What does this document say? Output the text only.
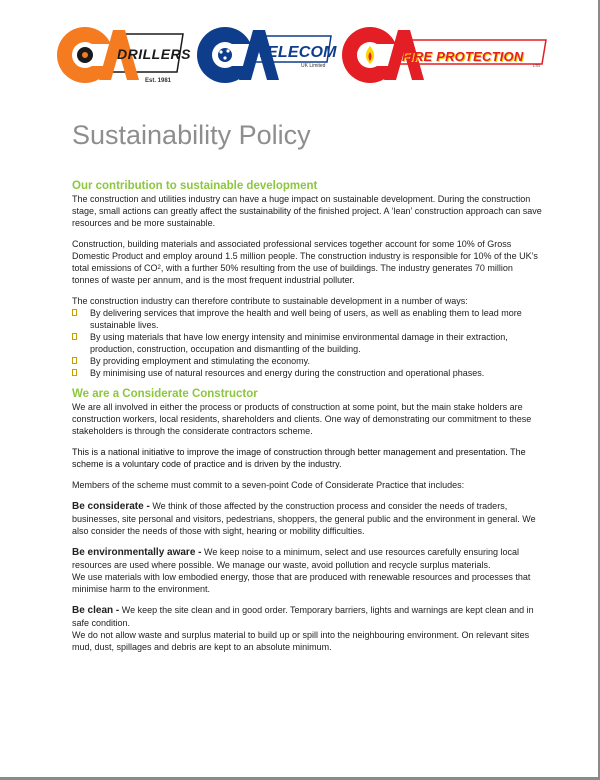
DRILLERS
Est. 1981
TELECOM
UK Limited
FIRE PROTECTION
LTD
Sustainability Policy

Our contribution to sustainable development

The construction and utilities industry can have a huge impact on sustainable development. During the construction stage, small actions can greatly affect the sustainability of the finished project. A ‘lean’ construction approach can save resources and be more sustainable.

Construction, building materials and associated professional services together account for some 10% of Gross Domestic Product and employ around 1.5 million people. The construction industry is responsible for 10% of the UK’s total emissions of $CO^2$, with a further 50% resulting from the use of buildings. The industry generates 70 million tonnes of waste per annum, and is the most frequent industrial polluter.

The construction industry can therefore contribute to sustainable development in a number of ways:

By delivering services that improve the health and well being of users, as well as enabling them to lead more sustainable lives.
By using materials that have low energy intensity and minimise environmental damage in their extraction, production, construction, occupation and dismantling of the building.
By providing employment and stimulating the economy.
By minimising use of natural resources and energy during the construction and operational phases.

We are a Considerate Constructor

We are all involved in either the process or products of construction at some point, but the main stake holders are construction workers, local residents, shareholders and clients. One way of demonstrating our commitment to these stakeholders is through the considerate contractors scheme.

This is a national initiative to improve the image of construction through better management and presentation. The scheme is a voluntary code of practice and is driven by the industry.

Members of the scheme must commit to a seven-point Code of Considerate Practice that includes:

Be considerate - We think of those affected by the construction process and consider the needs of traders, businesses, site personal and visitors, pedestrians, shoppers, the general public and the environment in general. We also consider the needs of those with sight, hearing or mobility difficulties.

Be environmentally aware - We keep noise to a minimum, select and use resources carefully ensuring local resources are used where possible. We manage our waste, avoid pollution and recycle surplus materials.

We use materials with low embodied energy, those that are produced with renewable resources and processes that minimise harm to the environment.

Be clean - We keep the site clean and in good order. Temporary barriers, lights and warnings are kept clean and in safe condition.

We do not allow waste and surplus material to build up or spill into the neighbouring environment. On relevant sites mud, dust, spillages and debris are kept to an absolute minimum.
